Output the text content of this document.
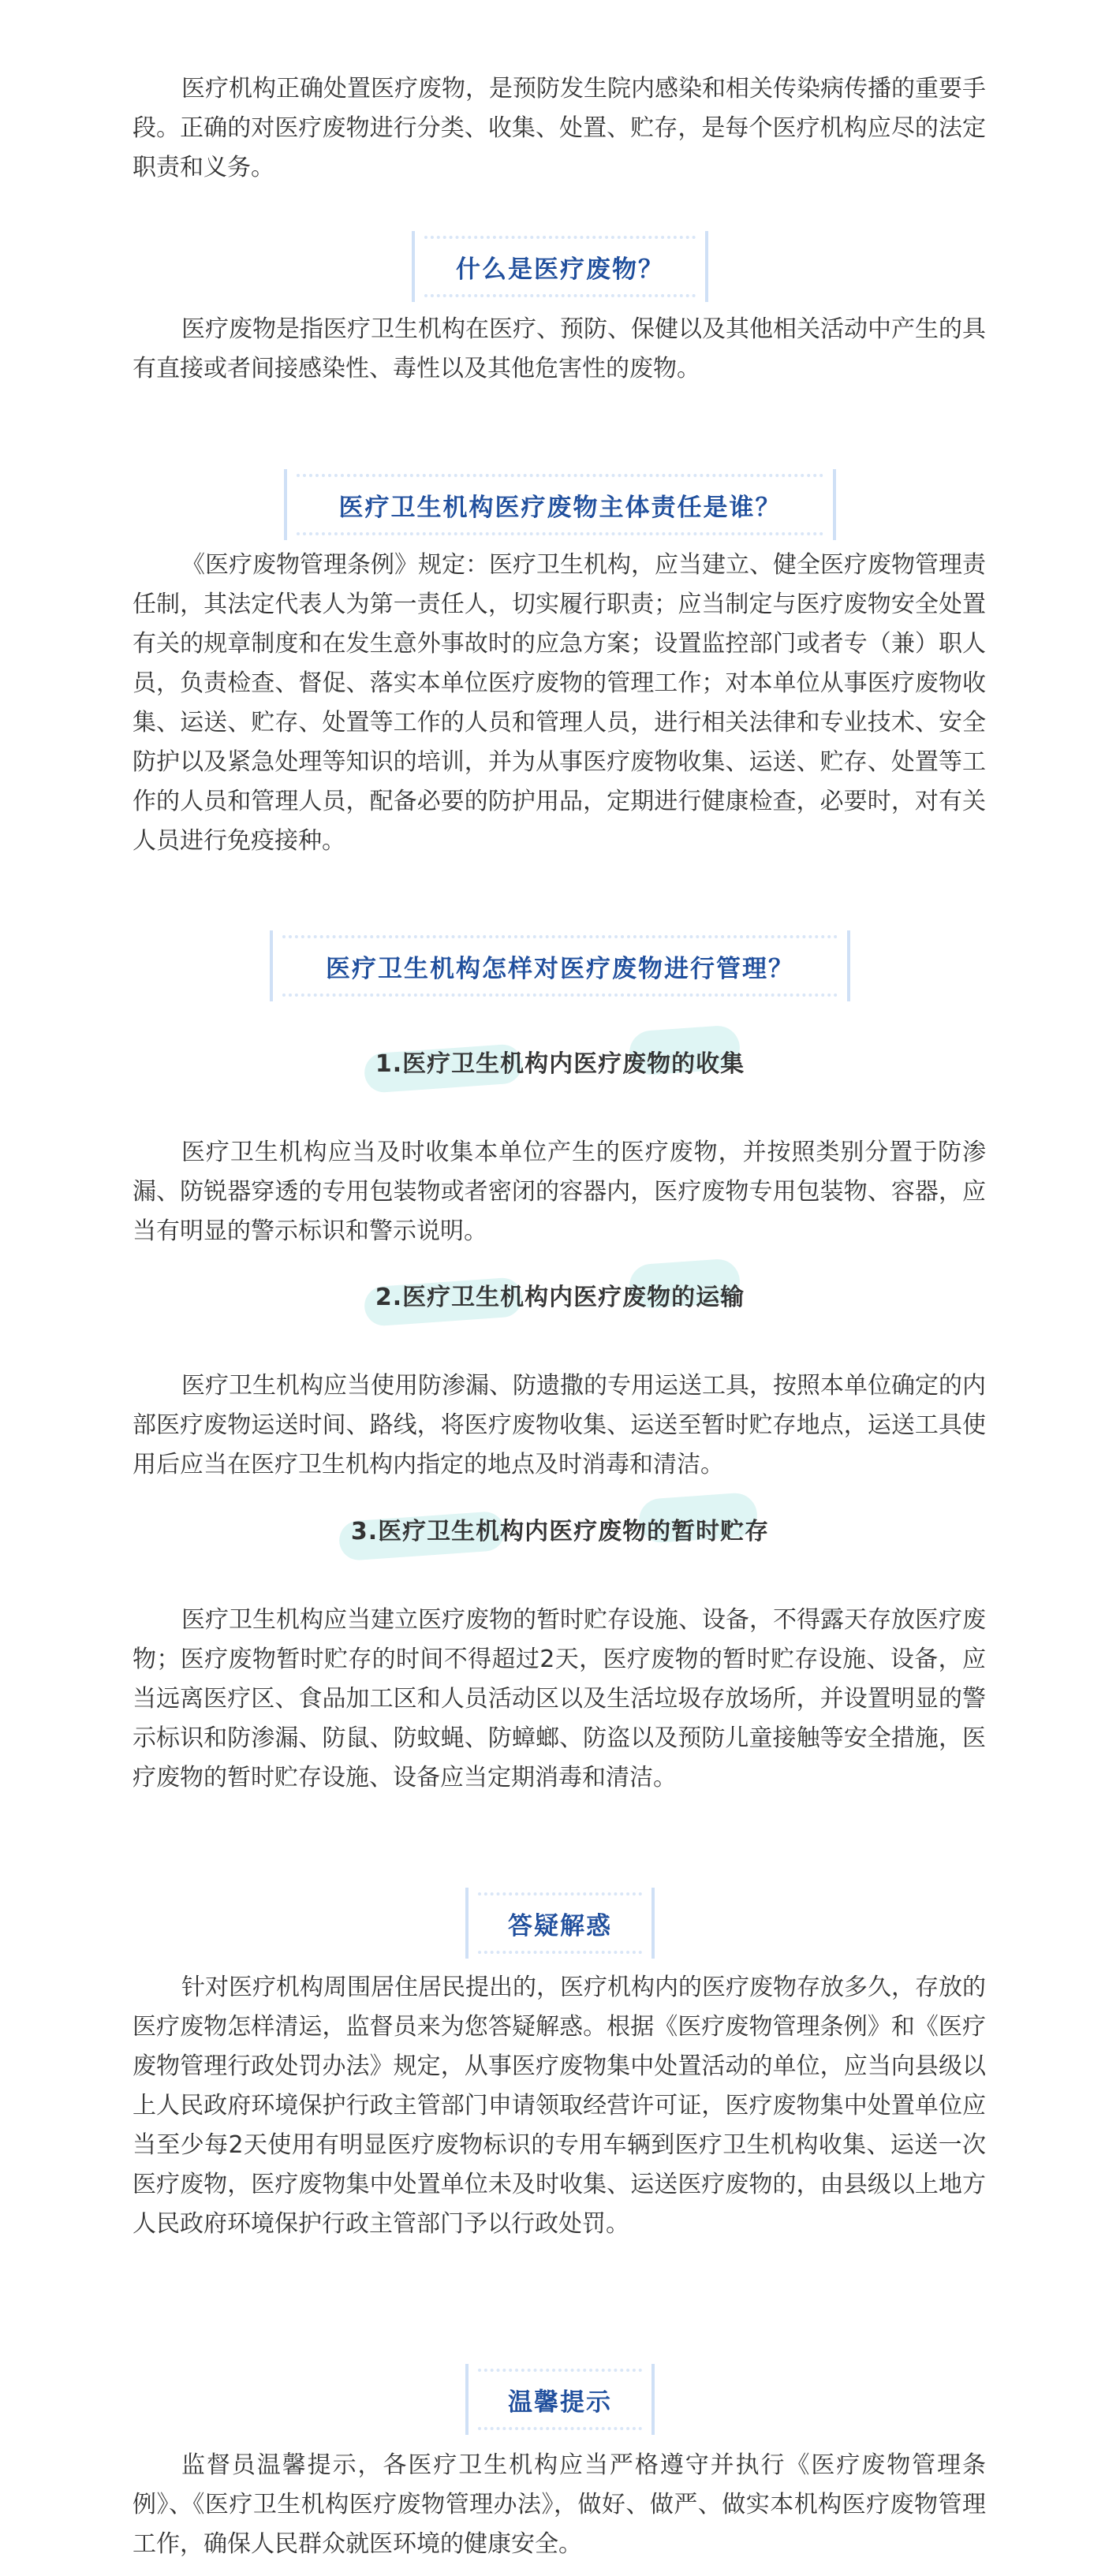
医疗机构正确处置医疗废物，是预防发生院内感染和相关传染病传播的重要手段。正确的对医疗废物进行分类、收集、处置、贮存，是每个医疗机构应尽的法定职责和义务。

什么是医疗废物？

医疗废物是指医疗卫生机构在医疗、预防、保健以及其他相关活动中产生的具有直接或者间接感染性、毒性以及其他危害性的废物。

医疗卫生机构医疗废物主体责任是谁？

《医疗废物管理条例》规定：医疗卫生机构，应当建立、健全医疗废物管理责任制，其法定代表人为第一责任人，切实履行职责；应当制定与医疗废物安全处置有关的规章制度和在发生意外事故时的应急方案；设置监控部门或者专（兼）职人员，负责检查、督促、落实本单位医疗废物的管理工作；对本单位从事医疗废物收集、运送、贮存、处置等工作的人员和管理人员，进行相关法律和专业技术、安全防护以及紧急处理等知识的培训，并为从事医疗废物收集、运送、贮存、处置等工作的人员和管理人员，配备必要的防护用品，定期进行健康检查，必要时，对有关人员进行免疫接种。

医疗卫生机构怎样对医疗废物进行管理？
1.医疗卫生机构内医疗废物的收集

医疗卫生机构应当及时收集本单位产生的医疗废物，并按照类别分置于防渗漏、防锐器穿透的专用包装物或者密闭的容器内，医疗废物专用包装物、容器，应当有明显的警示标识和警示说明。

2.医疗卫生机构内医疗废物的运输

医疗卫生机构应当使用防渗漏、防遗撒的专用运送工具，按照本单位确定的内部医疗废物运送时间、路线，将医疗废物收集、运送至暂时贮存地点，运送工具使用后应当在医疗卫生机构内指定的地点及时消毒和清洁。

3.医疗卫生机构内医疗废物的暂时贮存

医疗卫生机构应当建立医疗废物的暂时贮存设施、设备，不得露天存放医疗废物；医疗废物暂时贮存的时间不得超过2天，医疗废物的暂时贮存设施、设备，应当远离医疗区、食品加工区和人员活动区以及生活垃圾存放场所，并设置明显的警示标识和防渗漏、防鼠、防蚊蝇、防蟑螂、防盗以及预防儿童接触等安全措施，医疗废物的暂时贮存设施、设备应当定期消毒和清洁。

答疑解惑

针对医疗机构周围居住居民提出的，医疗机构内的医疗废物存放多久，存放的医疗废物怎样清运，监督员来为您答疑解惑。根据《医疗废物管理条例》和《医疗废物管理行政处罚办法》规定，从事医疗废物集中处置活动的单位，应当向县级以上人民政府环境保护行政主管部门申请领取经营许可证，医疗废物集中处置单位应当至少每2天使用有明显医疗废物标识的专用车辆到医疗卫生机构收集、运送一次医疗废物，医疗废物集中处置单位未及时收集、运送医疗废物的，由县级以上地方人民政府环境保护行政主管部门予以行政处罚。

温馨提示

监督员温馨提示，各医疗卫生机构应当严格遵守并执行《医疗废物管理条例》、《医疗卫生机构医疗废物管理办法》，做好、做严、做实本机构医疗废物管理工作，确保人民群众就医环境的健康安全。
